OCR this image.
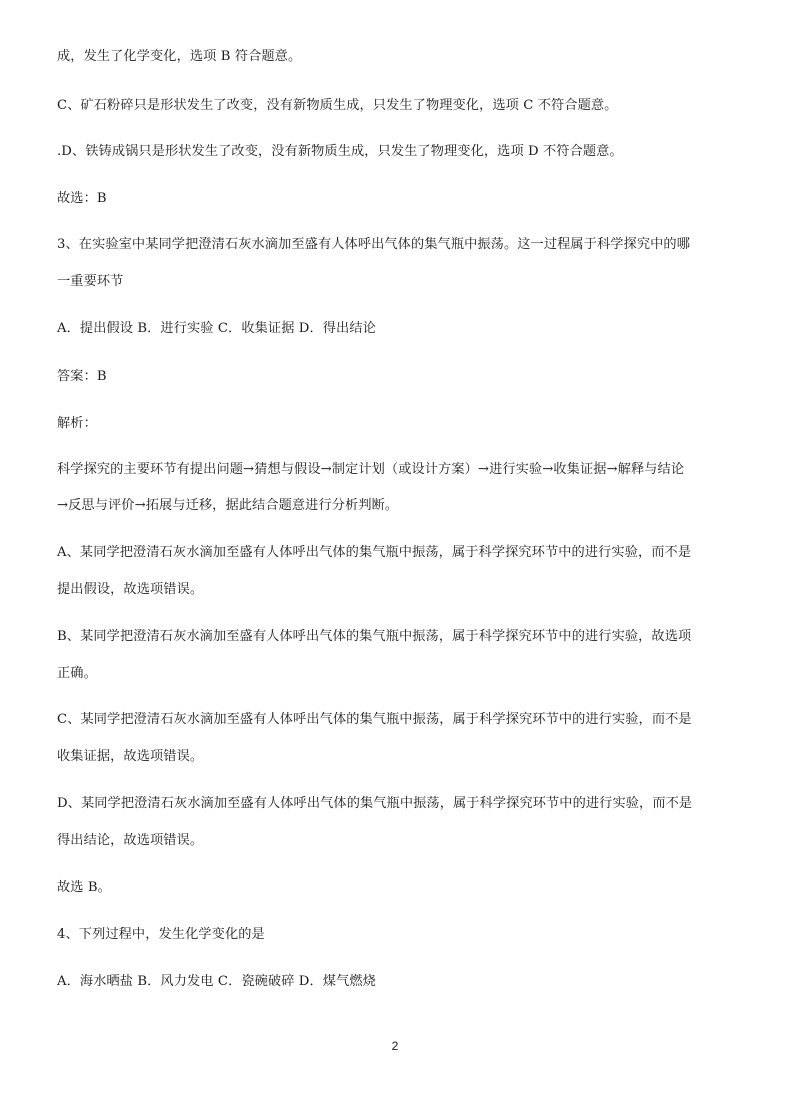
成，发生了化学变化，选项 B 符合题意。
C、矿石粉碎只是形状发生了改变，没有新物质生成，只发生了物理变化，选项 C 不符合题意。
.D、铁铸成锅只是形状发生了改变，没有新物质生成，只发生了物理变化，选项 D 不符合题意。
故选：B
3、在实验室中某同学把澄清石灰水滴加至盛有人体呼出气体的集气瓶中振荡。这一过程属于科学探究中的哪
一重要环节
A．提出假设 B．进行实验 C．收集证据 D．得出结论
答案：B
解析：
科学探究的主要环节有提出问题→猜想与假设→制定计划（或设计方案）→进行实验→收集证据→解释与结论
→反思与评价→拓展与迁移，据此结合题意进行分析判断。
A、某同学把澄清石灰水滴加至盛有人体呼出气体的集气瓶中振荡，属于科学探究环节中的进行实验，而不是
提出假设，故选项错误。
B、某同学把澄清石灰水滴加至盛有人体呼出气体的集气瓶中振荡，属于科学探究环节中的进行实验，故选项
正确。
C、某同学把澄清石灰水滴加至盛有人体呼出气体的集气瓶中振荡，属于科学探究环节中的进行实验，而不是
收集证据，故选项错误。
D、某同学把澄清石灰水滴加至盛有人体呼出气体的集气瓶中振荡，属于科学探究环节中的进行实验，而不是
得出结论，故选项错误。
故选 B。
4、下列过程中，发生化学变化的是
A．海水晒盐 B．风力发电 C．瓷碗破碎 D．煤气燃烧
2
